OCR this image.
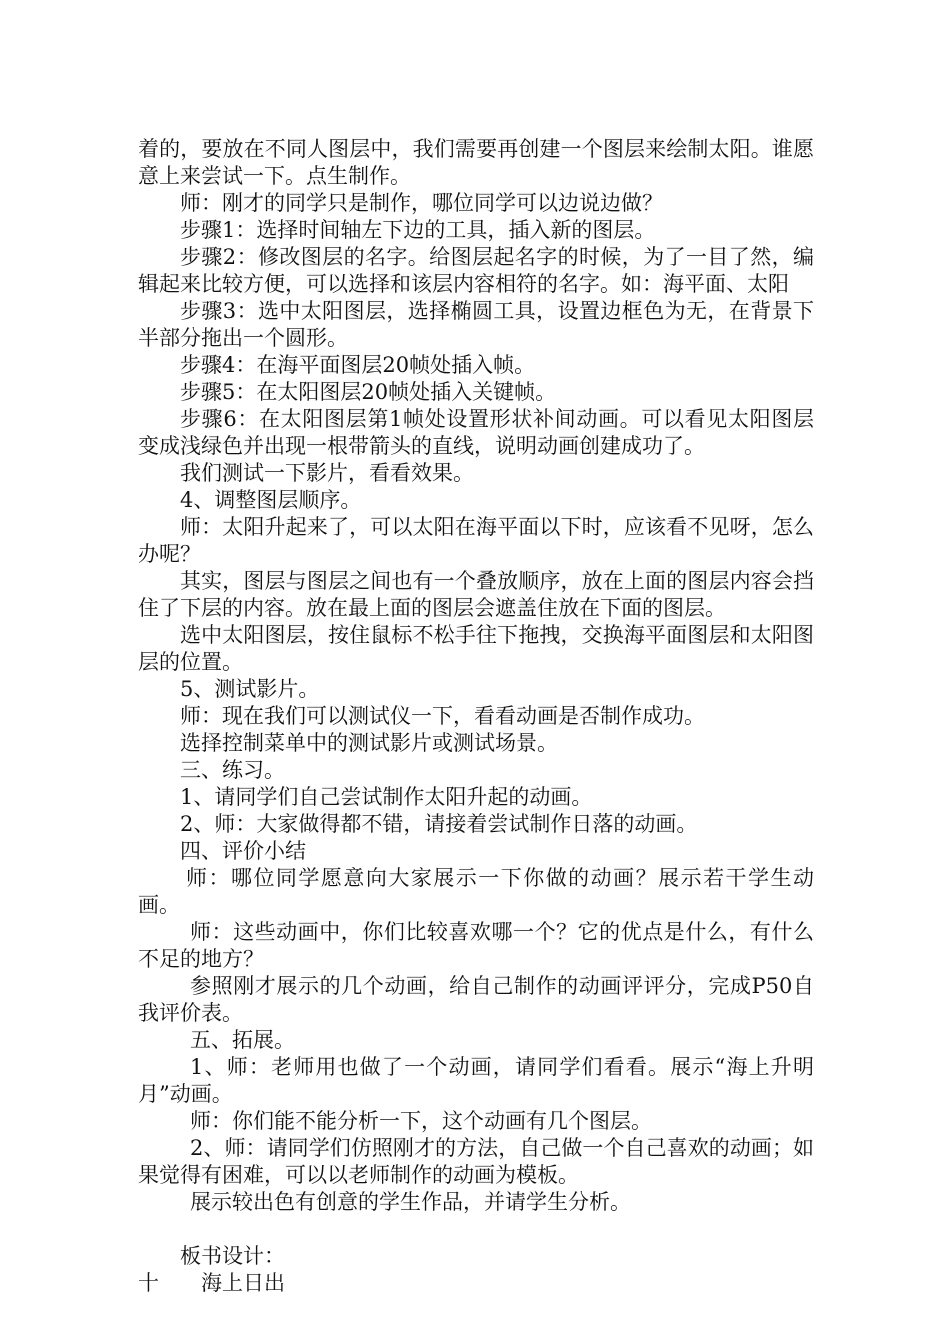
着的，要放在不同人图层中，我们需要再创建一个图层来绘制太阳。谁愿意上来尝试一下。点生制作。

师：刚才的同学只是制作，哪位同学可以边说边做？

步骤1：选择时间轴左下边的工具，插入新的图层。

步骤2：修改图层的名字。给图层起名字的时候，为了一目了然，编辑起来比较方便，可以选择和该层内容相符的名字。如：海平面、太阳

步骤3：选中太阳图层，选择椭圆工具，设置边框色为无，在背景下半部分拖出一个圆形。

步骤4：在海平面图层20帧处插入帧。

步骤5：在太阳图层20帧处插入关键帧。

步骤6：在太阳图层第1帧处设置形状补间动画。可以看见太阳图层变成浅绿色并出现一根带箭头的直线，说明动画创建成功了。

我们测试一下影片，看看效果。

4、调整图层顺序。

师：太阳升起来了，可以太阳在海平面以下时，应该看不见呀，怎么办呢？

其实，图层与图层之间也有一个叠放顺序，放在上面的图层内容会挡住了下层的内容。放在最上面的图层会遮盖住放在下面的图层。

选中太阳图层，按住鼠标不松手往下拖拽，交换海平面图层和太阳图层的位置。

5、测试影片。

师：现在我们可以测试仪一下，看看动画是否制作成功。

选择控制菜单中的测试影片或测试场景。

三、练习。

1、请同学们自己尝试制作太阳升起的动画。

2、师：大家做得都不错，请接着尝试制作日落的动画。

四、评价小结

师：哪位同学愿意向大家展示一下你做的动画？展示若干学生动画。

师：这些动画中，你们比较喜欢哪一个？它的优点是什么，有什么不足的地方？

参照刚才展示的几个动画，给自己制作的动画评评分，完成P50自我评价表。

五、拓展。

1、师：老师用也做了一个动画，请同学们看看。展示“海上升明月”动画。

师：你们能不能分析一下，这个动画有几个图层。

2、师：请同学们仿照刚才的方法，自己做一个自己喜欢的动画；如果觉得有困难，可以以老师制作的动画为模板。

展示较出色有创意的学生作品，并请学生分析。

板书设计：

十 海上日出
